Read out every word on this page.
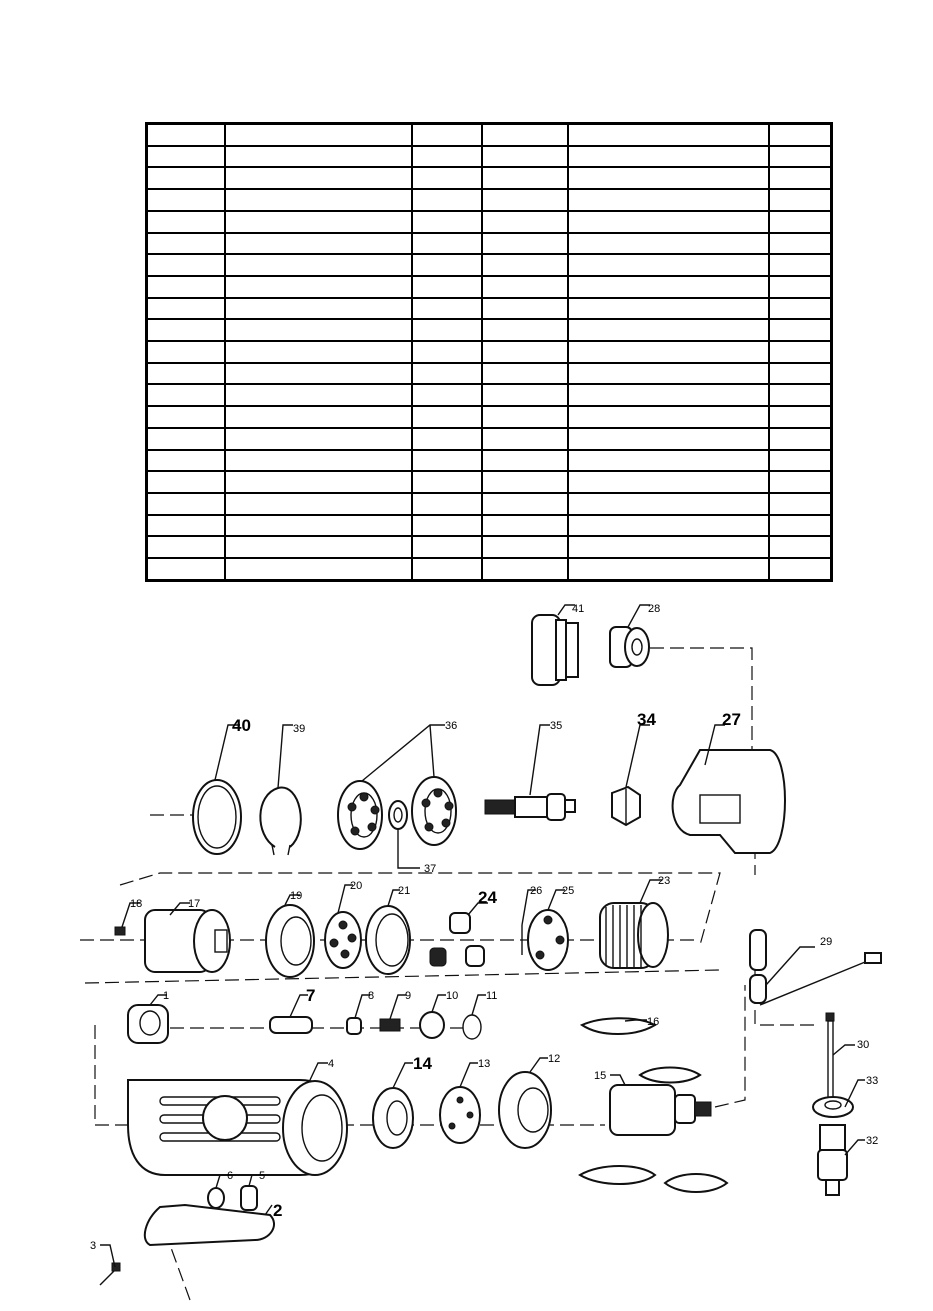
41	28
40	39	36	35	34	27
37
18	17
19
20	21	24	26 25
23
29
1	7	8	9	10	11
16
30
4	14	13	12
15	33
32
6 5
2
3
